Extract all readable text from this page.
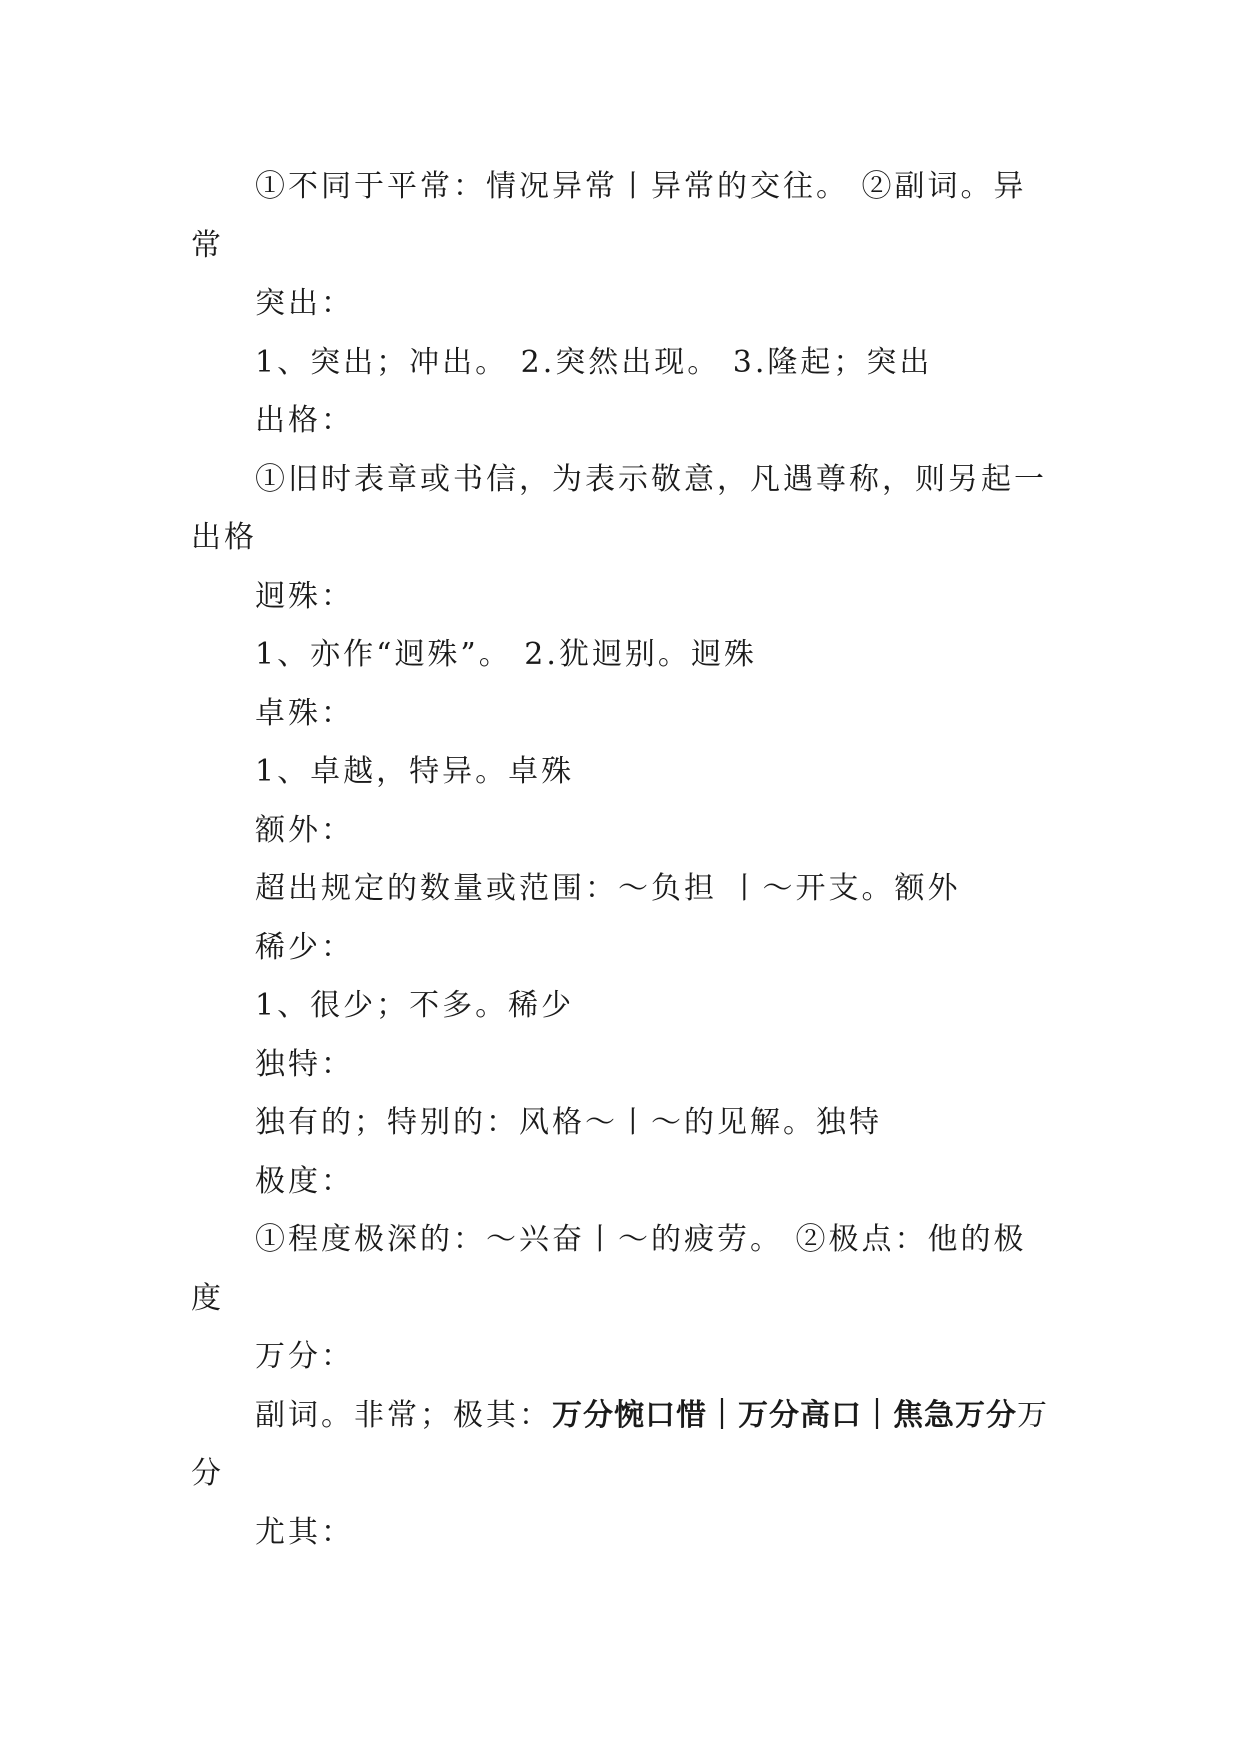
①不同于平常：情况异常丨异常的交往。 ②副词。异常

突出：

1、突出；冲出。 2.突然出现。 3.隆起；突出

出格：

①旧时表章或书信，为表示敬意，凡遇尊称，则另起一出格

迥殊：

1、亦作“迥殊”。 2.犹迥别。迥殊

卓殊：

1、卓越，特异。卓殊

额外：

超出规定的数量或范围：～负担 丨～开支。额外

稀少：

1、很少；不多。稀少

独特：

独有的；特别的：风格～丨～的见解。独特

极度：

①程度极深的：～兴奋丨～的疲劳。 ②极点：他的极度

万分：

副词。非常；极其：万分惋口惜｜万分高口｜焦急万分万分

尤其：
